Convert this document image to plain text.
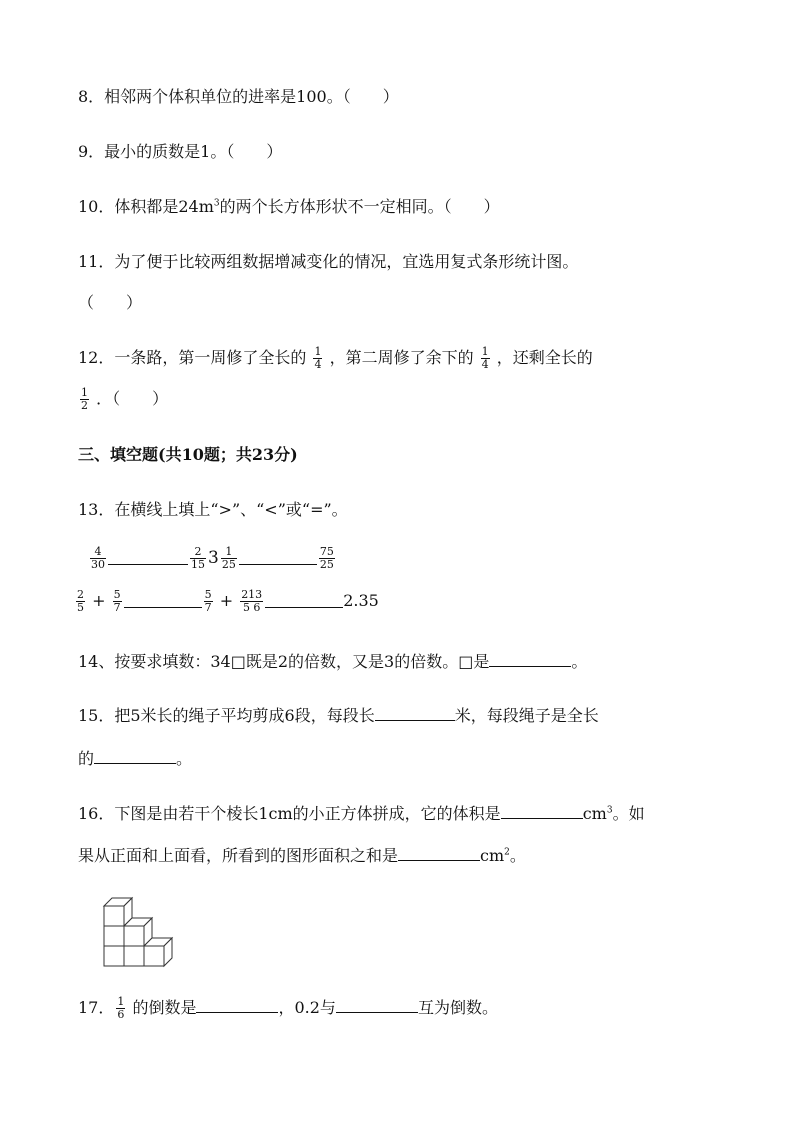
8．相邻两个体积单位的进率是100。（　　）
9．最小的质数是1。（　　）
10．体积都是$24m^3$的两个长方体形状不一定相同。（　　）
11．为了便于比较两组数据增减变化的情况，宜选用复式条形统计图。
（　　）
12．一条路，第一周修了全长的 $\frac{1}{4}$ ，第二周修了余下的 $\frac{1}{4}$ ，还剩全长的
$\frac{1}{2}$ ．（　　）
三、填空题(共10题；共23分)
13．在横线上填上“>”、“<”或“=”。
$\frac{4}{30}$	$\frac{2}{15} 3 \frac{1}{25}$	$\frac{75}{25}$
$\frac{2}{5} + \frac{5}{7}$	$\frac{5}{7} + \frac{213}{5 6}$	2.35
14、按要求填数：34□既是2的倍数，又是3的倍数。□是	。
15．把5米长的绳子平均剪成6段，每段长	米，每段绳子是全长
的	。
16．下图是由若干个棱长1cm的小正方体拼成，它的体积是	$cm^3$。如
果从正面和上面看，所看到的图形面积之和是	$cm^2$。
17． $\frac{1}{6}$ 的倒数是	，0.2与	互为倒数。
